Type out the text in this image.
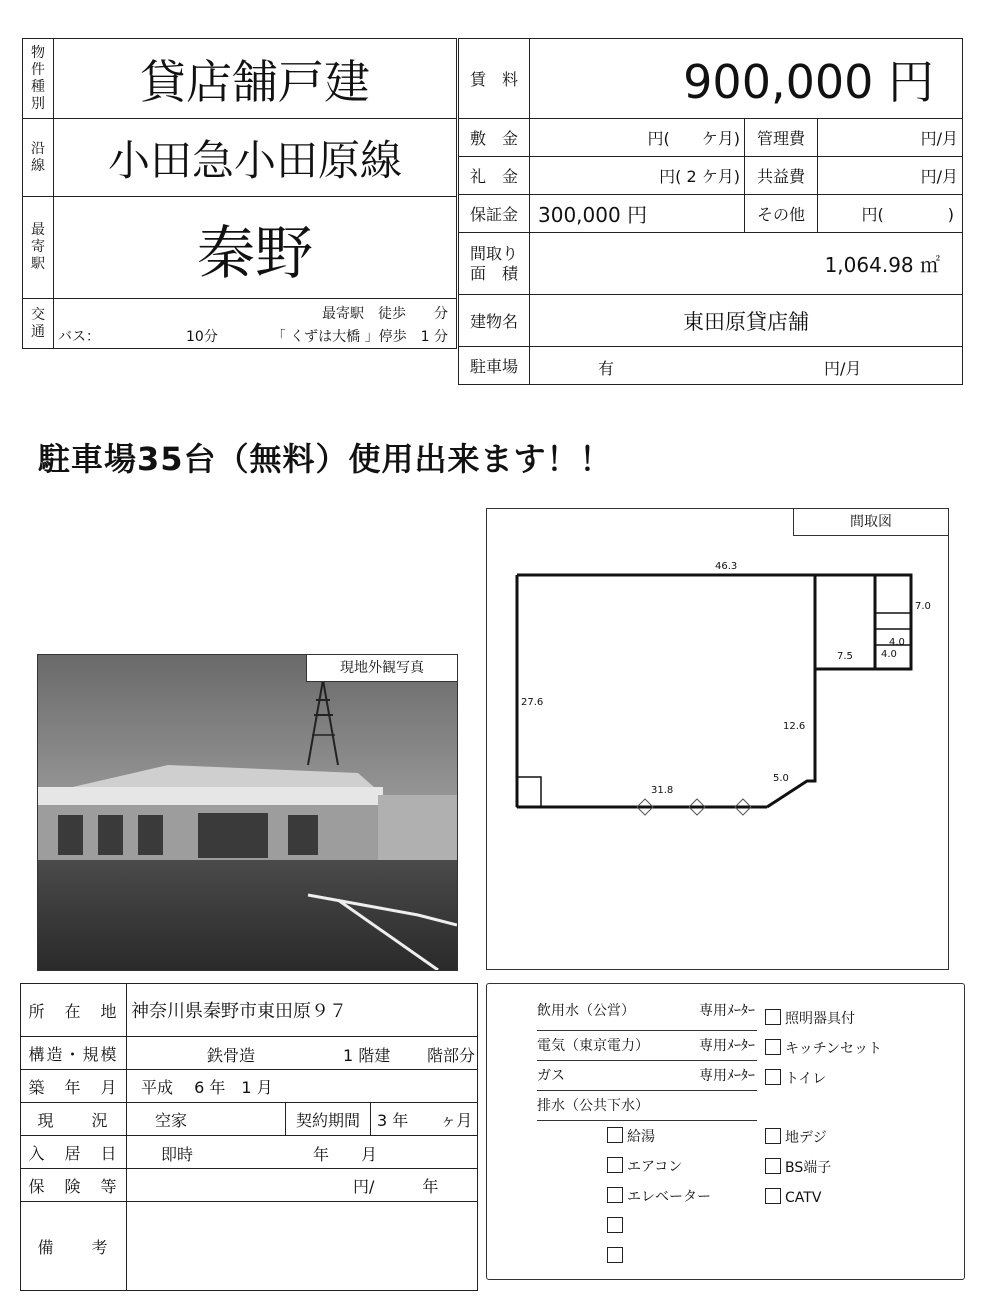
物件種別	貸店舗戸建
沿線	小田急小田原線
最寄駅	秦野
交通	最寄駅　徒歩　　分
バス： 10分 「 くずは大橋 」停歩　1 分
賃　料	900,000 円		
敷　金	円(　　ケ月)	管理費	円/月
礼　金	円( 2 ケ月)	共益費	円/月
保証金	300,000 円	その他	円(　　　　)

間取り
面　積	1,064.98 ㎡		
建物名	東田原貸店舗		
駐車場	有 円/月		
駐車場35台（無料）使用出来ます！！
現地外観写真
間取図
46.3
27.6
12.6
5.0
31.8
7.5
4.0
4.0
7.0
所　在　地	神奈川県秦野市東田原９７		
構造・規模	鉄骨造 1 階建 階部分		

築　年　月	平成　 6 年　1 月		
現　　況	空家	契約期間	3 年　　ヶ月
入　居　日	即時 年　　月		

保　険　等	円/　　　年		
備　　考			
飲用水（公営）	専用ﾒｰﾀｰ
電気（東京電力）	専用ﾒｰﾀｰ
ガス	専用ﾒｰﾀｰ
排水（公共下水）
照明器具付
キッチンセット
トイレ
地デジ
BS端子
CATV
給湯
エアコン
エレベーター
